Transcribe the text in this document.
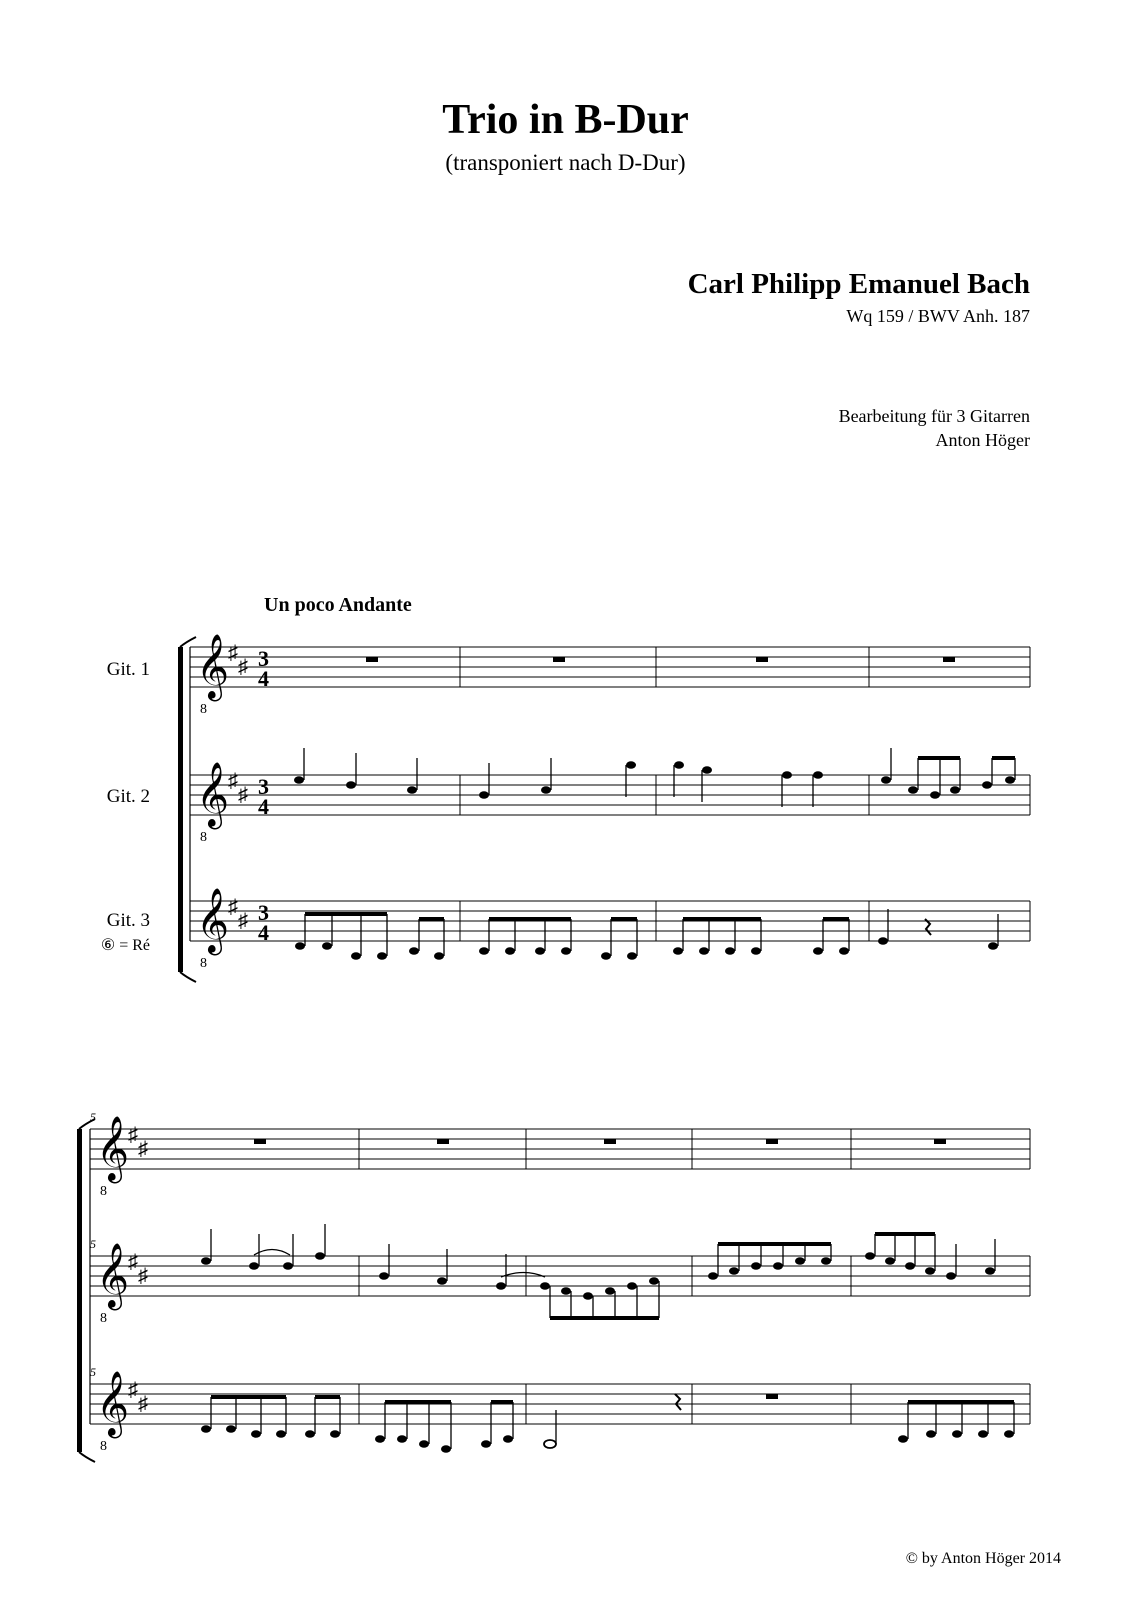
Trio in B-Dur
(transponiert nach D-Dur)
Carl Philipp Emanuel Bach
Wq 159 / BWV Anh. 187
Bearbeitung für 3 Gitarren
Anton Höger
Un poco Andante
Git. 1
Git. 2
Git. 3
⑥ = Ré
© by Anton Höger 2014
𝄞
8
♯
♯ 3
4
𝄞
8
♯
♯ 3
4
𝄞
8
♯
♯ 3
4
𝄞
8
♯
♯
5
𝄞
8
♯
♯
5
𝄞
8
♯
♯
5
